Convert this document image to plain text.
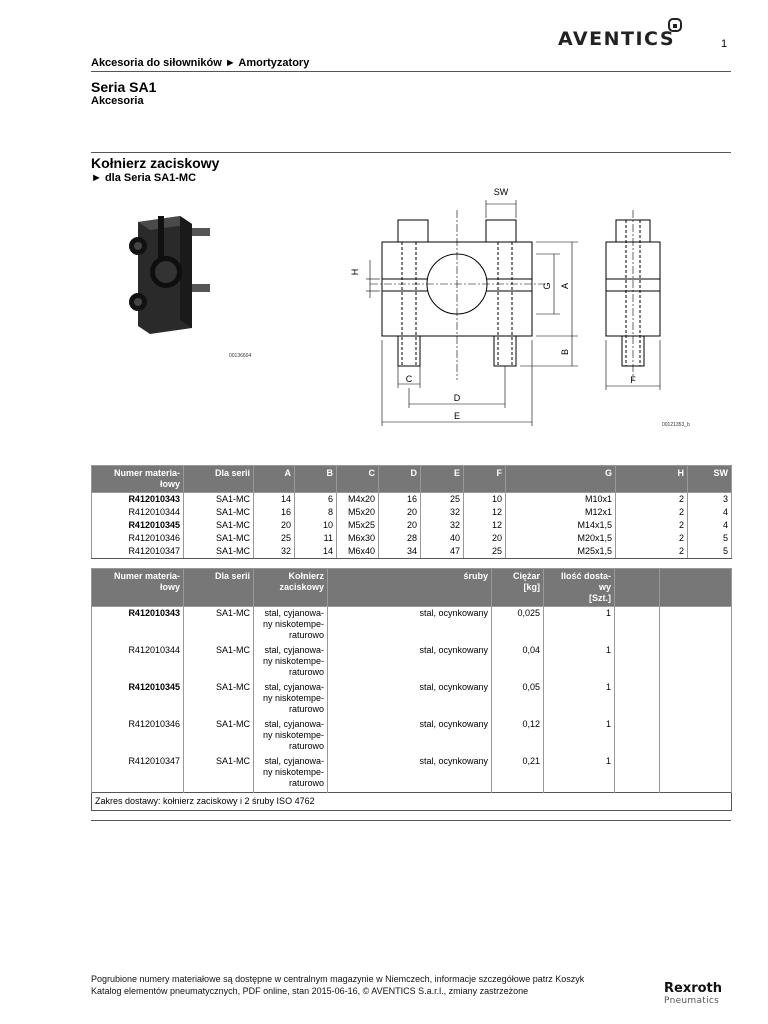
AVENTICS	1
Akcesoria do siłowników ► Amortyzatory
Seria SA1
Akcesoria
Kołnierz zaciskowy
► dla Seria SA1-MC
00136604
SW
H
G A
B
C
D
E
F
00121353_b
Numer materia-
łowy	Dla serii	A	B	C	D	E	F	G	H	SW
R412010343	SA1-MC	14	6	M4x20	16	25	10	M10x1	2	3
R412010344	SA1-MC	16	8	M5x20	20	32	12	M12x1	2	4
R412010345	SA1-MC	20	10	M5x25	20	32	12	M14x1,5	2	4
R412010346	SA1-MC	25	11	M6x30	28	40	20	M20x1,5	2	5
R412010347	SA1-MC	32	14	M6x40	34	47	25	M25x1,5	2	5
Numer materia-
łowy	Dla serii	Kołnierz
zaciskowy	śruby	Ciężar
[kg]	Ilość dosta-
wy
[Szt.]		
R412010343	SA1-MC	stal, cyjanowa-
ny niskotempe-
raturowo	stal, ocynkowany	0,025	1		
R412010344	SA1-MC	stal, cyjanowa-
ny niskotempe-
raturowo	stal, ocynkowany	0,04	1		
R412010345	SA1-MC	stal, cyjanowa-
ny niskotempe-
raturowo	stal, ocynkowany	0,05	1		
R412010346	SA1-MC	stal, cyjanowa-
ny niskotempe-
raturowo	stal, ocynkowany	0,12	1		
R412010347	SA1-MC	stal, cyjanowa-
ny niskotempe-
raturowo	stal, ocynkowany	0,21	1		
Zakres dostawy: kołnierz zaciskowy i 2 śruby ISO 4762							
Pogrubione numery materiałowe są dostępne w centralnym magazynie w Niemczech, informacje szczegółowe patrz Koszyk
Katalog elementów pneumatycznych, PDF online, stan 2015-06-16, © AVENTICS S.a.r.l., zmiany zastrzeżone	Rexroth
Pneumatics
